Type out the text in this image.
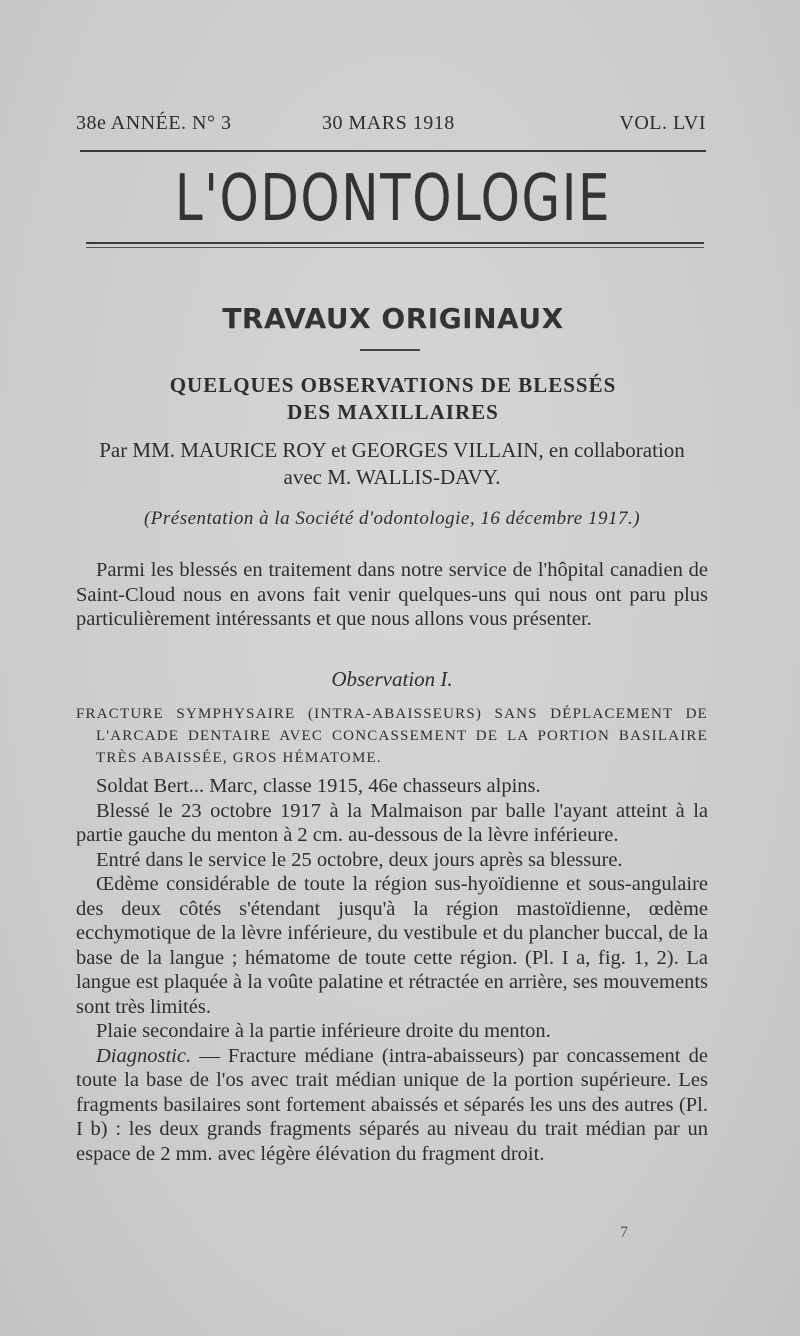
38e ANNÉE. N° 3	30 MARS 1918	VOL. LVI
L'ODONTOLOGIE
TRAVAUX ORIGINAUX
QUELQUES OBSERVATIONS DE BLESSÉS
DES MAXILLAIRES
Par MM. MAURICE ROY et GEORGES VILLAIN, en collaboration
avec M. WALLIS-DAVY.
(Présentation à la Société d'odontologie, 16 décembre 1917.)
Parmi les blessés en traitement dans notre service de l'hôpital canadien de Saint-Cloud nous en avons fait venir quelques-uns qui nous ont paru plus particulièrement intéressants et que nous allons vous présenter.
Observation I.
FRACTURE SYMPHYSAIRE (INTRA-ABAISSEURS) SANS DÉPLACEMENT DE L'ARCADE DENTAIRE AVEC CONCASSEMENT DE LA PORTION BASILAIRE TRÈS ABAISSÉE, GROS HÉMATOME.

Soldat Bert... Marc, classe 1915, 46e chasseurs alpins.

Blessé le 23 octobre 1917 à la Malmaison par balle l'ayant atteint à la partie gauche du menton à 2 cm. au-dessous de la lèvre inférieure.

Entré dans le service le 25 octobre, deux jours après sa blessure.

Œdème considérable de toute la région sus-hyoïdienne et sous-angulaire des deux côtés s'étendant jusqu'à la région mastoïdienne, œdème ecchymotique de la lèvre inférieure, du vestibule et du plancher buccal, de la base de la langue ; hématome de toute cette région. (Pl. I a, fig. 1, 2). La langue est plaquée à la voûte palatine et rétractée en arrière, ses mouvements sont très limités.

Plaie secondaire à la partie inférieure droite du menton.

Diagnostic. — Fracture médiane (intra-abaisseurs) par concassement de toute la base de l'os avec trait médian unique de la portion supérieure. Les fragments basilaires sont fortement abaissés et séparés les uns des autres (Pl. I b) : les deux grands fragments séparés au niveau du trait médian par un espace de 2 mm. avec légère élévation du fragment droit.

7
